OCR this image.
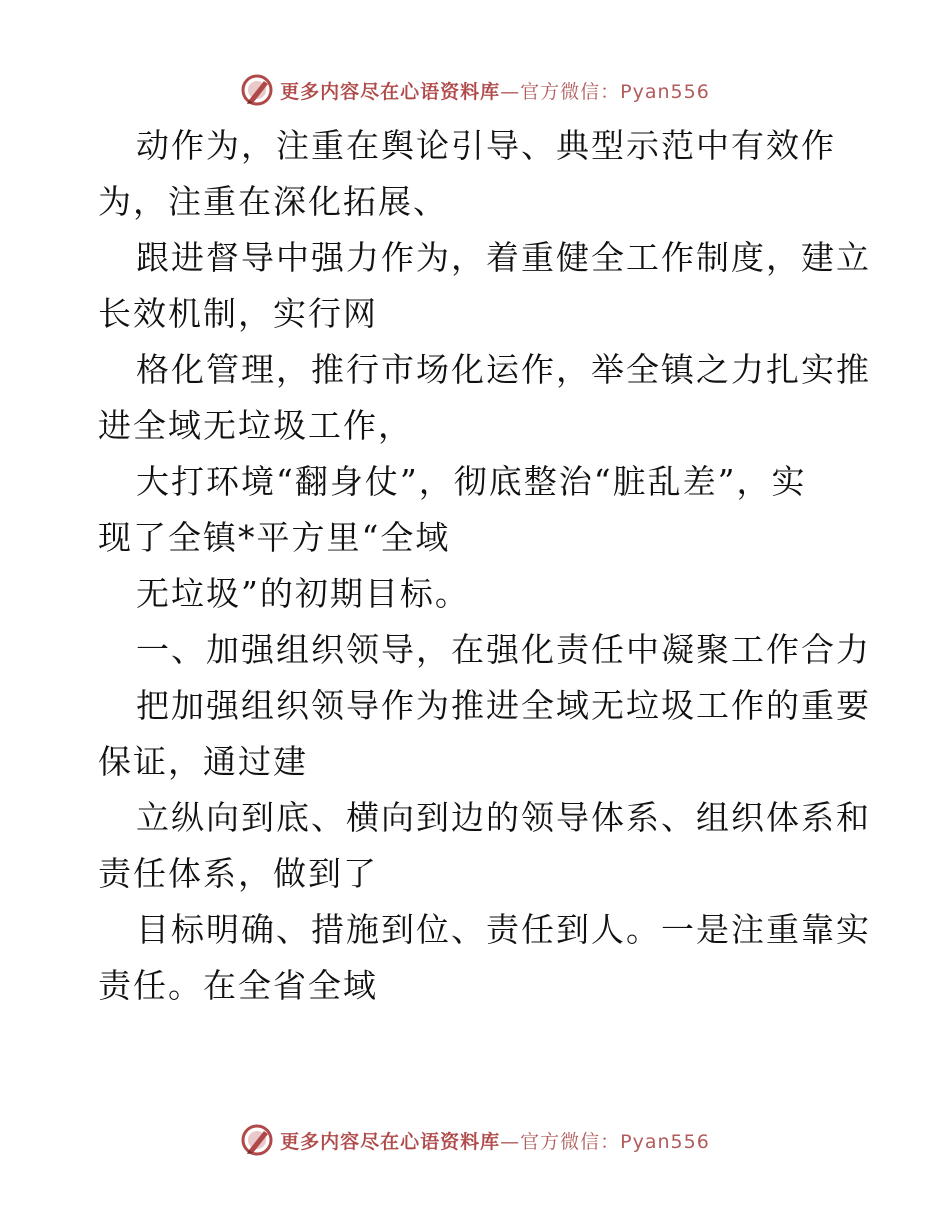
更多内容尽在心语资料库—官方微信：Pyan556
动作为，注重在舆论引导、典型示范中有效作
为，注重在深化拓展、
跟进督导中强力作为，着重健全工作制度，建立
长效机制，实行网
格化管理，推行市场化运作，举全镇之力扎实推
进全域无垃圾工作，
大打环境“翻身仗”，彻底整治“脏乱差”，实
现了全镇*平方里“全域
无垃圾”的初期目标。
一、加强组织领导，在强化责任中凝聚工作合力
把加强组织领导作为推进全域无垃圾工作的重要
保证，通过建
立纵向到底、横向到边的领导体系、组织体系和
责任体系，做到了
目标明确、措施到位、责任到人。一是注重靠实
责任。在全省全域
更多内容尽在心语资料库—官方微信：Pyan556
